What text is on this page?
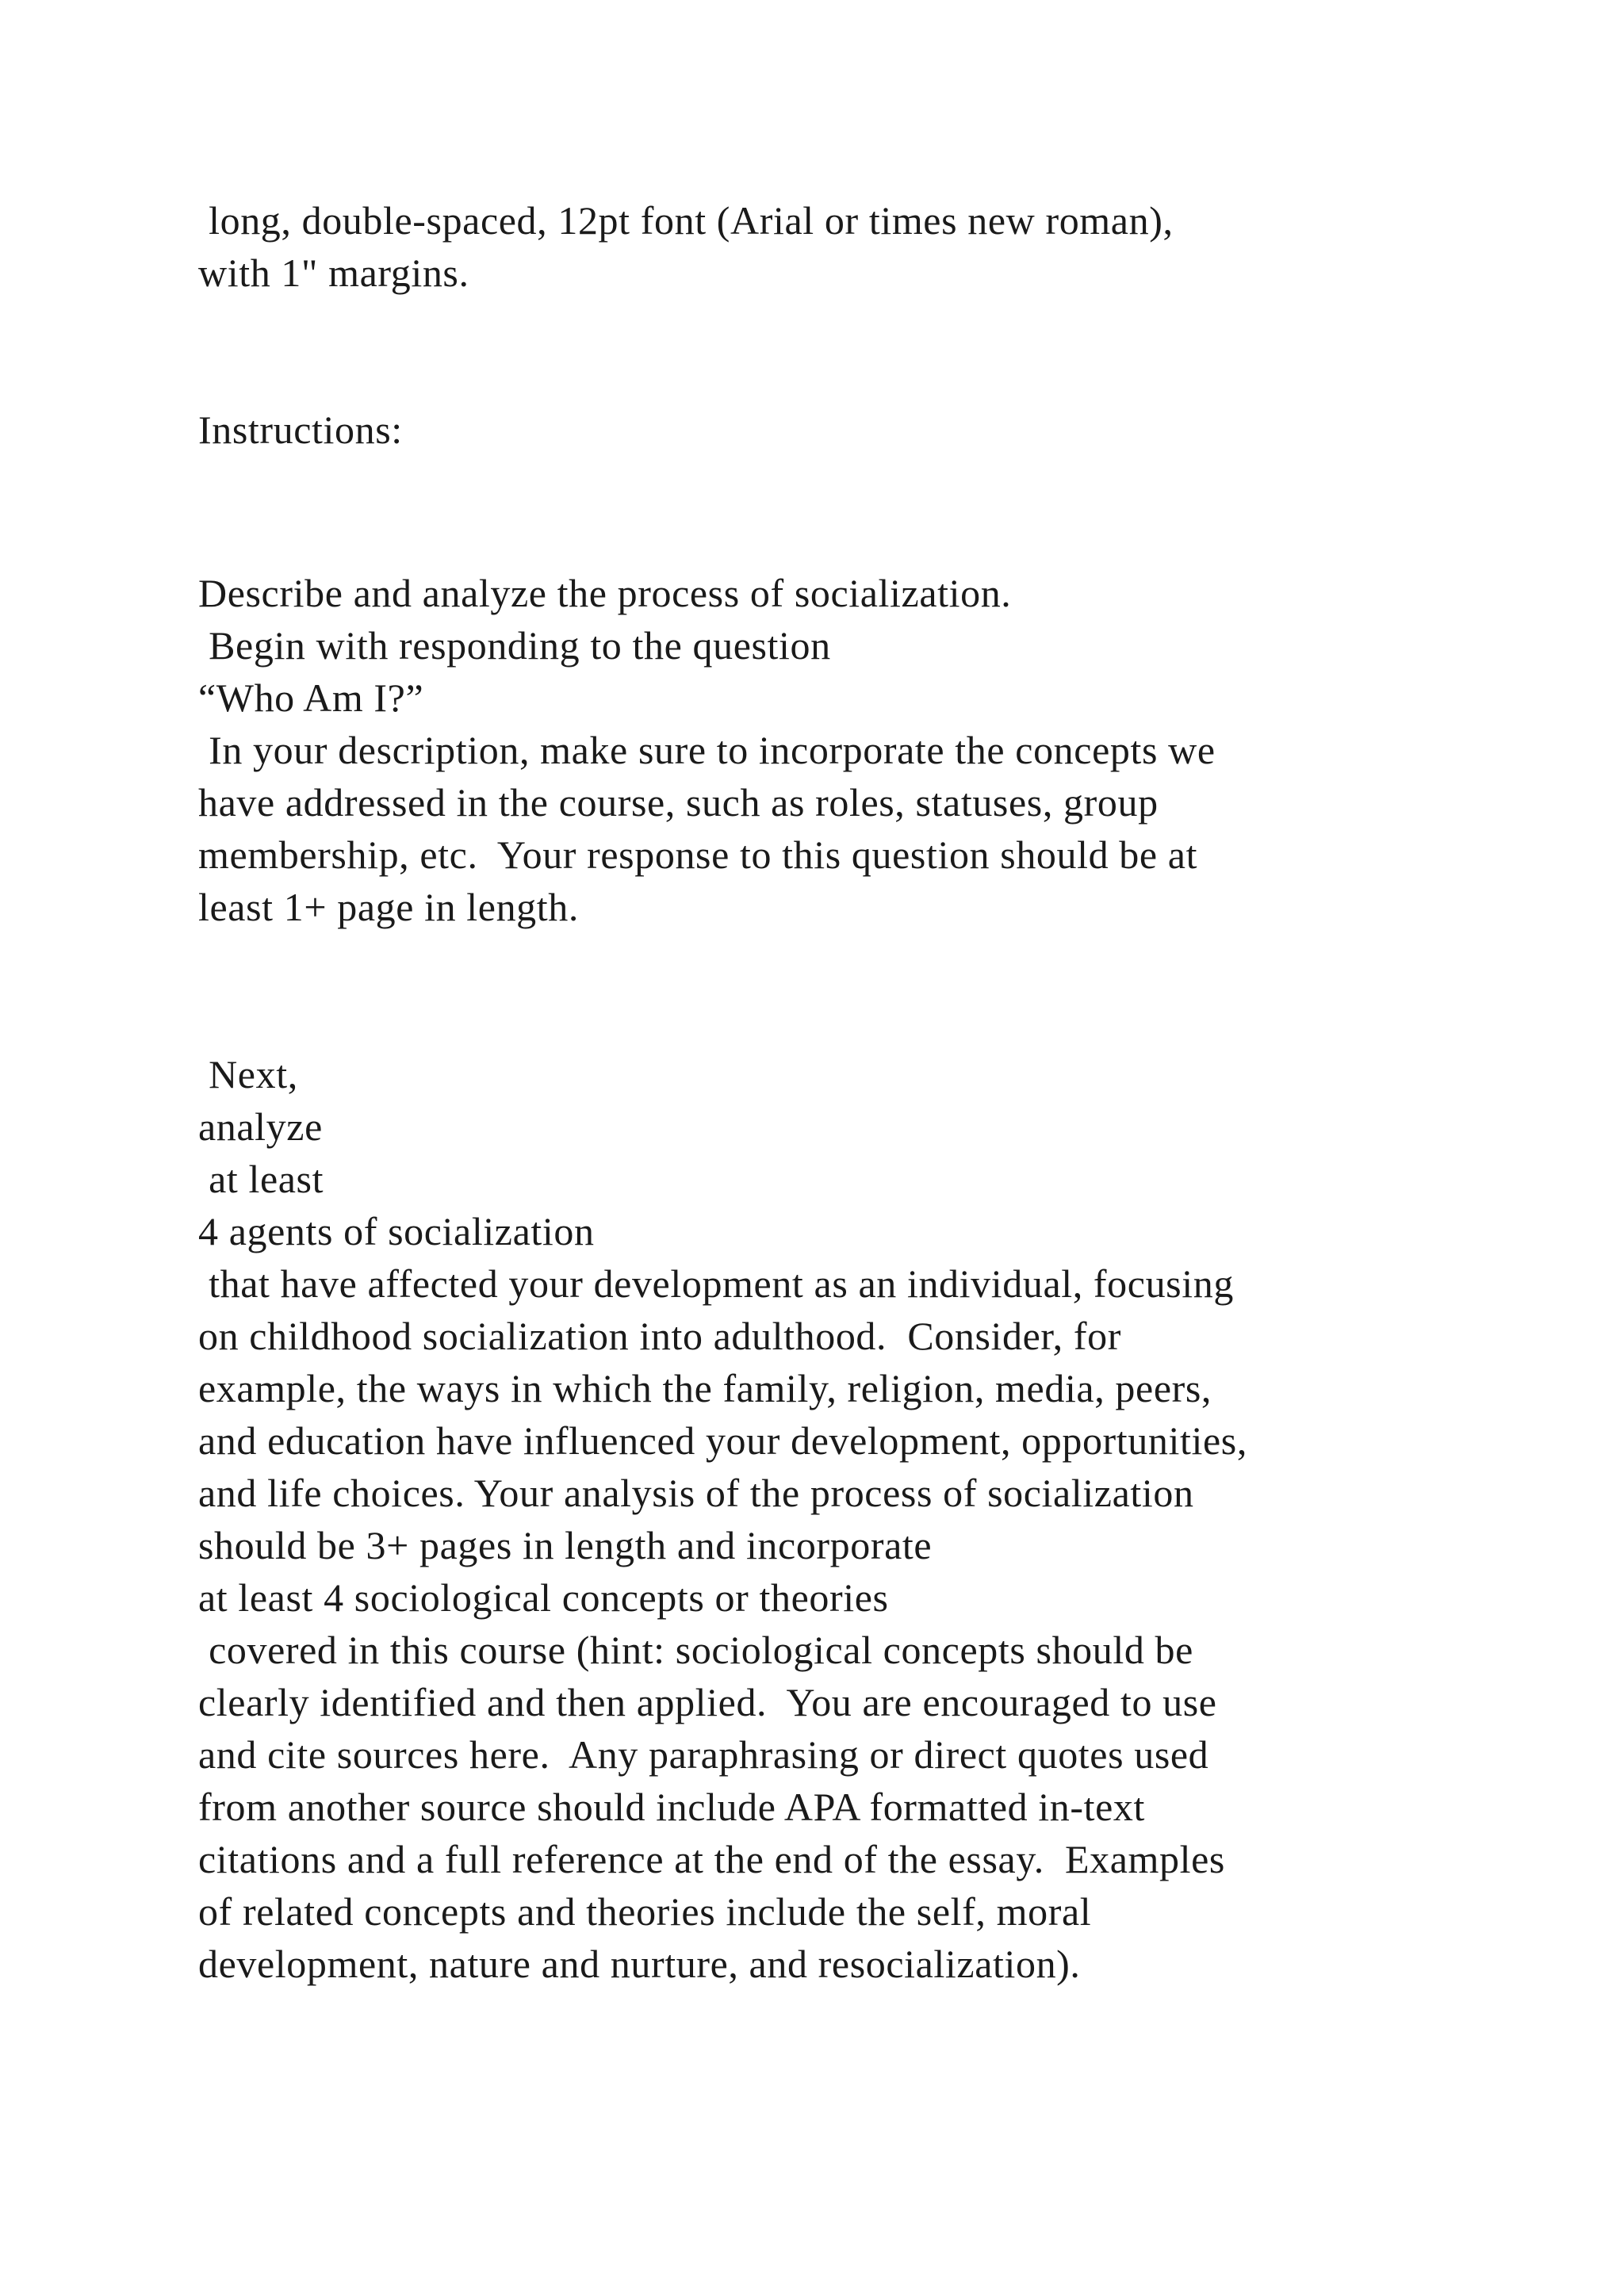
long, double-spaced, 12pt font (Arial or times new roman),
with 1" margins.
Instructions:
Describe and analyze the process of socialization.
Begin with responding to the question
“Who Am I?”
In your description, make sure to incorporate the concepts we
have addressed in the course, such as roles, statuses, group
membership, etc.  Your response to this question should be at
least 1+ page in length.
Next,
analyze
at least
4 agents of socialization
that have affected your development as an individual, focusing
on childhood socialization into adulthood.  Consider, for
example, the ways in which the family, religion, media, peers,
and education have influenced your development, opportunities,
and life choices. Your analysis of the process of socialization
should be 3+ pages in length and incorporate
at least 4 sociological concepts or theories
covered in this course (hint: sociological concepts should be
clearly identified and then applied.  You are encouraged to use
and cite sources here.  Any paraphrasing or direct quotes used
from another source should include APA formatted in-text
citations and a full reference at the end of the essay.  Examples
of related concepts and theories include the self, moral
development, nature and nurture, and resocialization).
